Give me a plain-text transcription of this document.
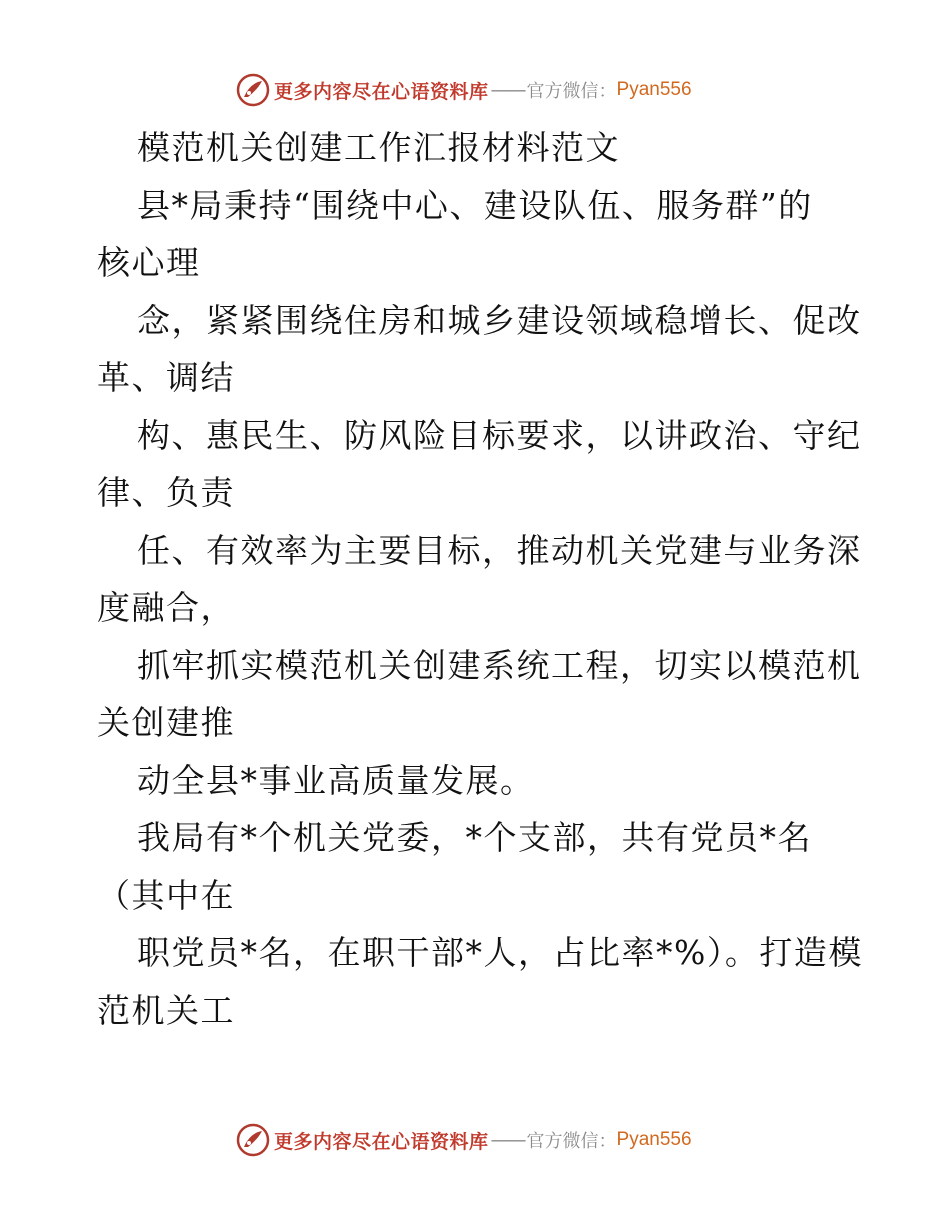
更多内容尽在心语资料库 —— 官方微信： Pyan556
模范机关创建工作汇报材料范文
县*局秉持“围绕中心、建设队伍、服务群”的
核心理
念，紧紧围绕住房和城乡建设领域稳增长、促改
革、调结
构、惠民生、防风险目标要求，以讲政治、守纪
律、负责
任、有效率为主要目标，推动机关党建与业务深
度融合，
抓牢抓实模范机关创建系统工程，切实以模范机
关创建推
动全县*事业高质量发展。
我局有*个机关党委，*个支部，共有党员*名
（其中在
职党员*名，在职干部*人，占比率*%）。打造模
范机关工
更多内容尽在心语资料库 —— 官方微信： Pyan556
